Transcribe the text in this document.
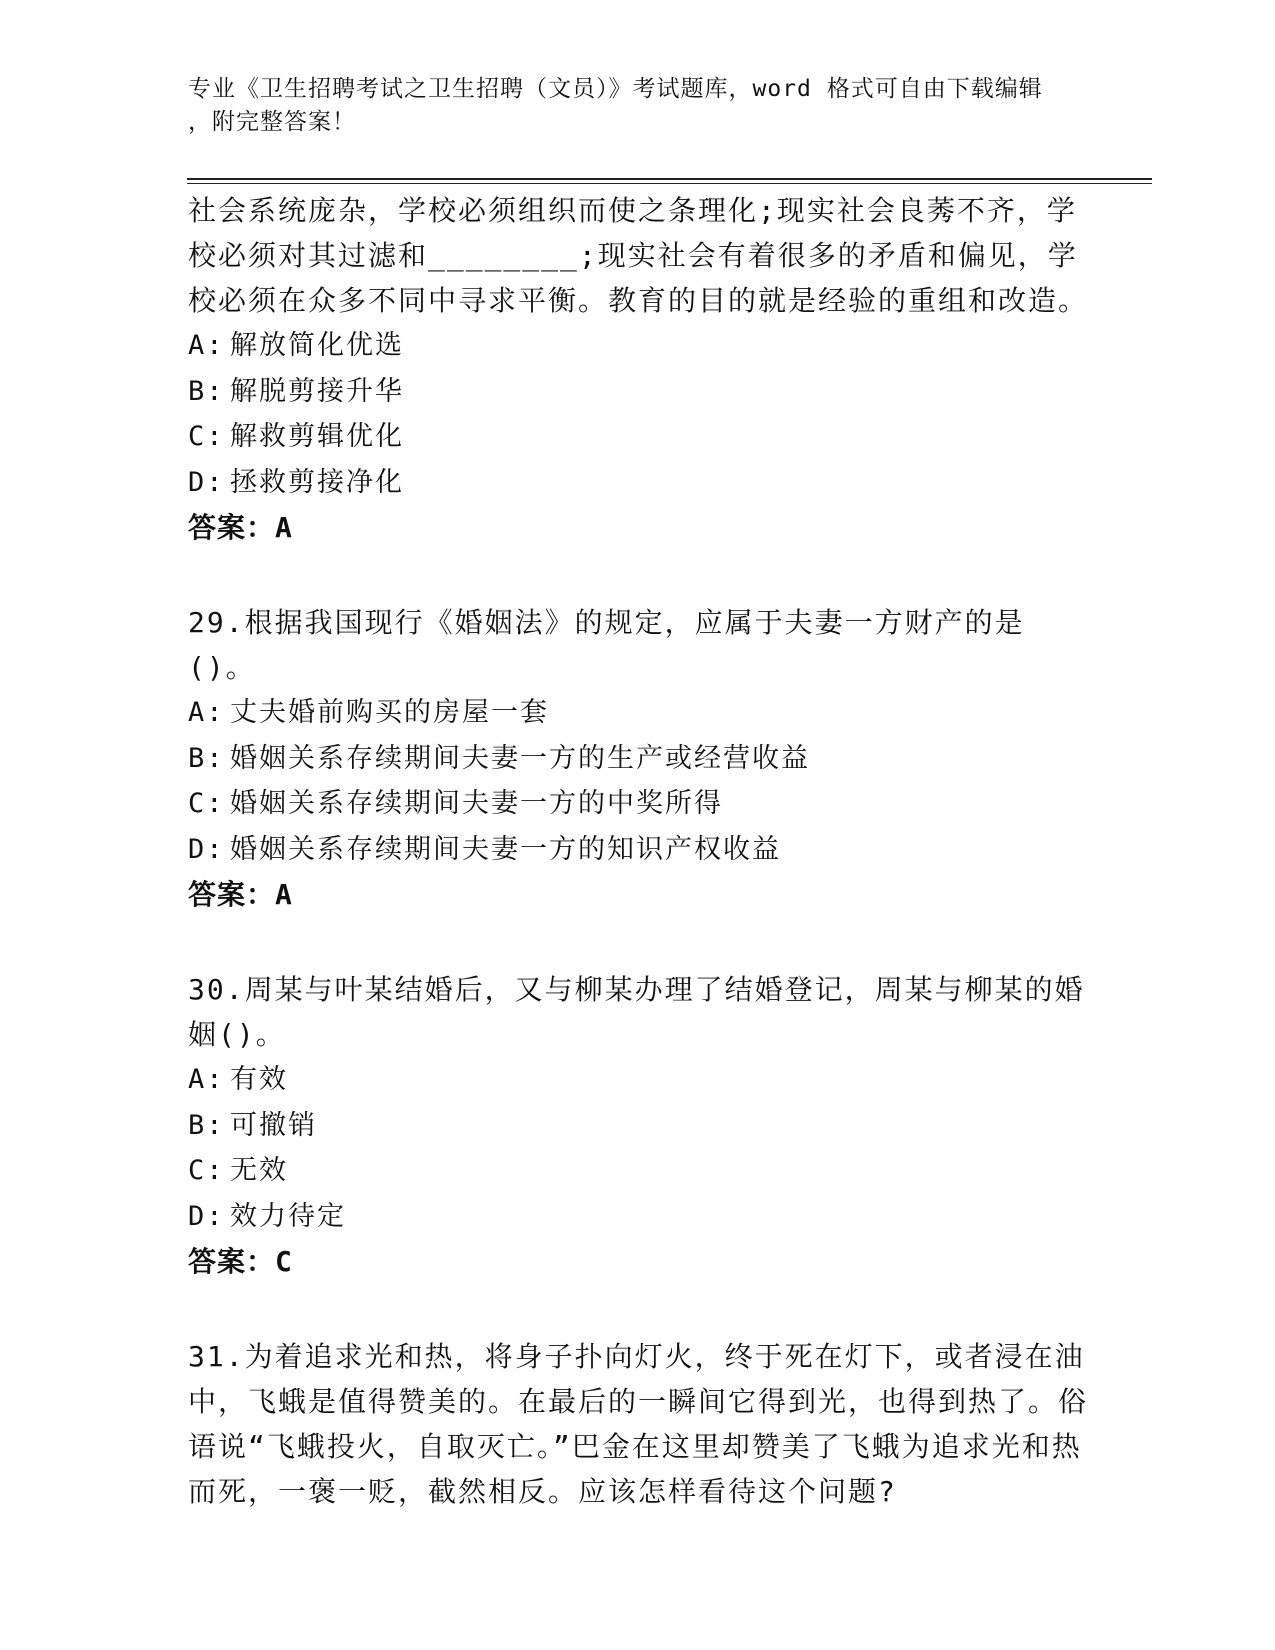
专业《卫生招聘考试之卫生招聘（文员）》考试题库，word 格式可自由下载编辑
，附完整答案！

社会系统庞杂，学校必须组织而使之条理化;现实社会良莠不齐，学校必须对其过滤和________;现实社会有着很多的矛盾和偏见，学校必须在众多不同中寻求平衡。教育的目的就是经验的重组和改造。

A: 解放简化优选

B: 解脱剪接升华

C: 解救剪辑优化

D: 拯救剪接净化

答案：A

29.根据我国现行《婚姻法》的规定，应属于夫妻一方财产的是()。

A: 丈夫婚前购买的房屋一套

B: 婚姻关系存续期间夫妻一方的生产或经营收益

C: 婚姻关系存续期间夫妻一方的中奖所得

D: 婚姻关系存续期间夫妻一方的知识产权收益

答案：A

30.周某与叶某结婚后，又与柳某办理了结婚登记，周某与柳某的婚姻()。

A: 有效

B: 可撤销

C: 无效

D: 效力待定

答案：C

31.为着追求光和热，将身子扑向灯火，终于死在灯下，或者浸在油中，飞蛾是值得赞美的。在最后的一瞬间它得到光，也得到热了。俗语说“飞蛾投火，自取灭亡。”巴金在这里却赞美了飞蛾为追求光和热而死，一褒一贬，截然相反。应该怎样看待这个问题?
